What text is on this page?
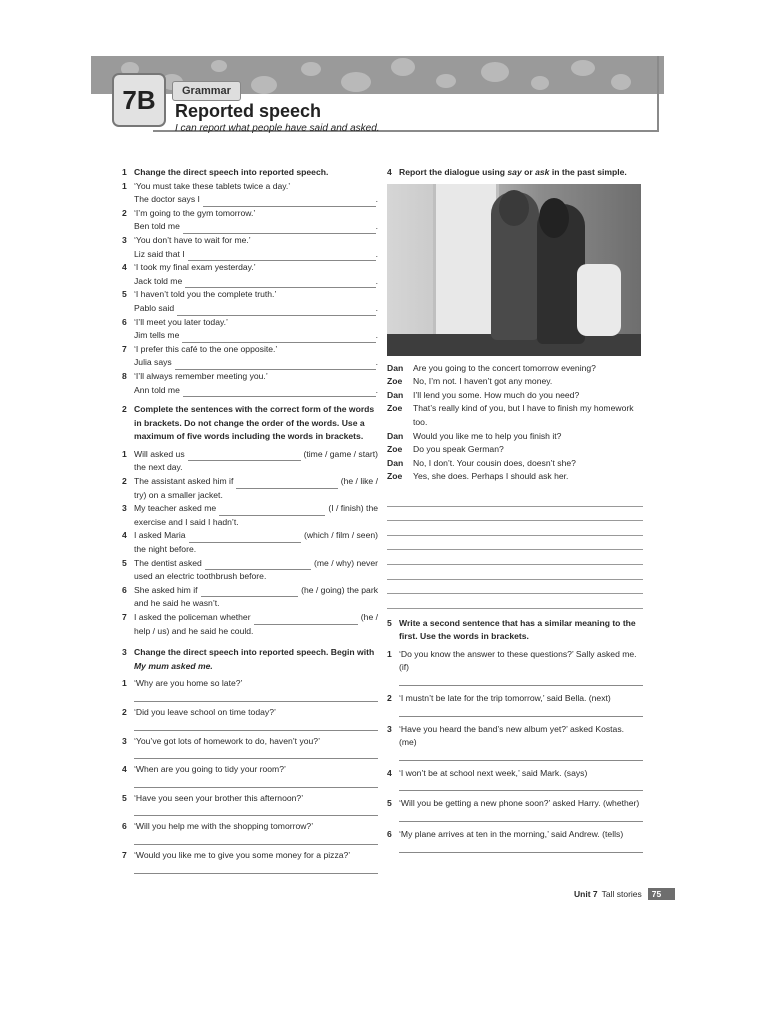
7B	Grammar
Reported speech
I can report what people have said and asked.
1 Change the direct speech into reported speech.
1 ‘You must take these tablets twice a day.’
The doctor says I	.
2 ‘I’m going to the gym tomorrow.’
Ben told me	.
3 ‘You don’t have to wait for me.’
Liz said that I	.
4 ‘I took my final exam yesterday.’
Jack told me	.
5 ‘I haven’t told you the complete truth.’
Pablo said	.
6 ‘I’ll meet you later today.’
Jim tells me	.
7 ‘I prefer this café to the one opposite.’
Julia says	.
8 ‘I’ll always remember meeting you.’
Ann told me	.
2 Complete the sentences with the correct form of the words in brackets. Do not change the order of the words. Use a maximum of five words including the words in brackets.
1 Will asked us	(time / game / start)
the next day.
2 The assistant asked him if	(he / like /
try) on a smaller jacket.
3 My teacher asked me	(I / finish) the
exercise and I said I hadn’t.
4 I asked Maria	(which / film / seen)
the night before.
5 The dentist asked	(me / why) never
used an electric toothbrush before.
6 She asked him if	(he / going) the park
and he said he wasn’t.
7 I asked the policeman whether	(he /
help / us) and he said he could.
3 Change the direct speech into reported speech. Begin with My mum asked me.
1 ‘Why are you home so late?’
2 ‘Did you leave school on time today?’
3 ‘You’ve got lots of homework to do, haven’t you?’
4 ‘When are you going to tidy your room?’
5 ‘Have you seen your brother this afternoon?’
6 ‘Will you help me with the shopping tomorrow?’
7 ‘Would you like me to give you some money for a pizza?’
4 Report the dialogue using say or ask in the past simple.
Dan	Are you going to the concert tomorrow evening?
Zoe	No, I’m not. I haven’t got any money.
Dan	I’ll lend you some. How much do you need?
Zoe	That’s really kind of you, but I have to finish my homework too.
Dan	Would you like me to help you finish it?
Zoe	Do you speak German?
Dan	No, I don’t. Your cousin does, doesn’t she?
Zoe	Yes, she does. Perhaps I should ask her.
5 Write a second sentence that has a similar meaning to the first. Use the words in brackets.
1 ‘Do you know the answer to these questions?’ Sally asked me. (if)
2 ‘I mustn’t be late for the trip tomorrow,’ said Bella. (next)
3 ‘Have you heard the band’s new album yet?’ asked Kostas. (me)
4 ‘I won’t be at school next week,’ said Mark. (says)
5 ‘Will you be getting a new phone soon?’ asked Harry. (whether)
6 ‘My plane arrives at ten in the morning,’ said Andrew. (tells)
Unit 7 Tall stories	75
